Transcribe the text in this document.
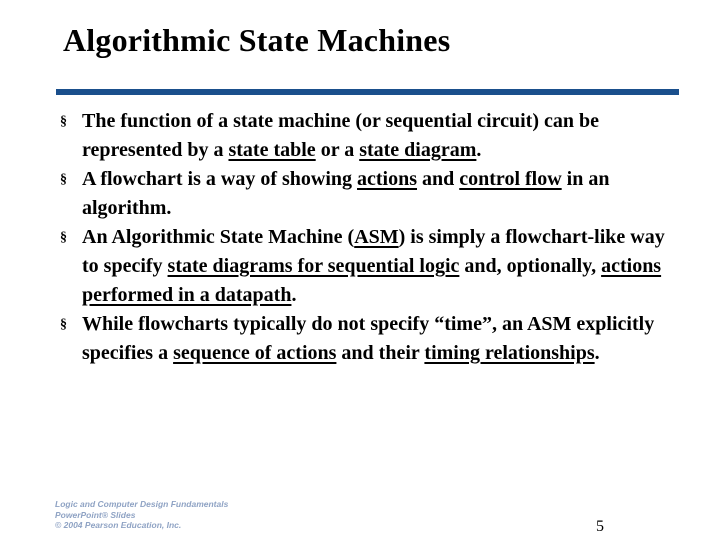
Algorithmic State Machines
§ The function of a state machine (or sequential circuit) can be represented by a state table or a state diagram.
§ A flowchart is a way of showing actions and control flow in an algorithm.
§ An Algorithmic State Machine (ASM) is simply a flowchart-like way to specify state diagrams for sequential logic and, optionally, actions performed in a datapath.
§ While flowcharts typically do not specify “time”, an ASM explicitly specifies a sequence of actions and their timing relationships.
Logic and Computer Design Fundamentals
PowerPoint® Slides
© 2004 Pearson Education, Inc.	5
